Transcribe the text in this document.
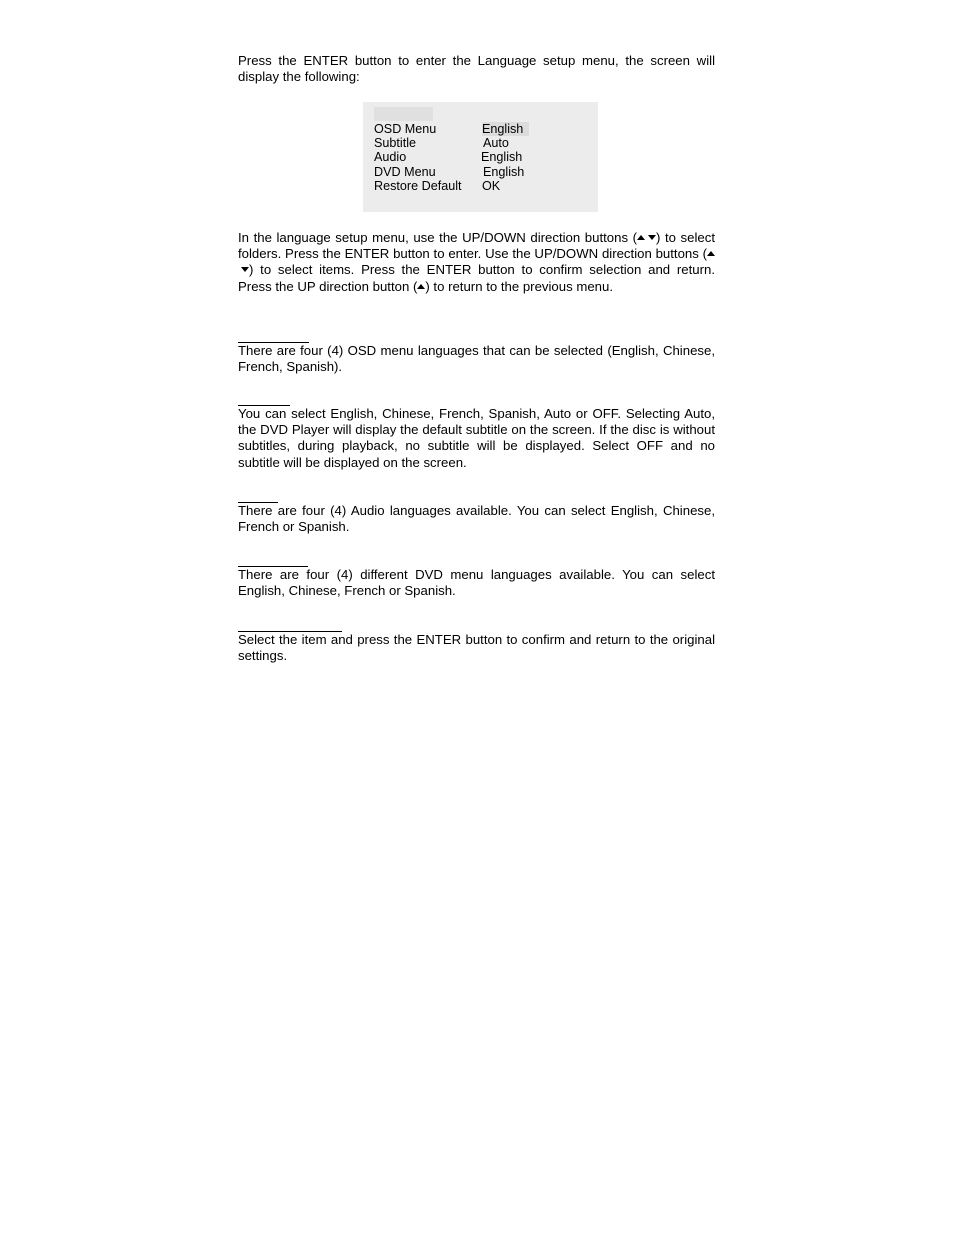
Press the ENTER button to enter the Language setup menu, the screen will display the following:

OSD Menu	English
Subtitle	Auto
Audio	English
DVD Menu	English
Restore Default OK

In the language setup menu, use the UP/DOWN direction buttons ( ) to select folders. Press the ENTER button to enter. Use the UP/DOWN direction buttons () to select items. Press the ENTER button to confirm selection and return. Press the UP direction button ( ) to return to the previous menu.

There are four (4) OSD menu languages that can be selected (English, Chinese, French, Spanish).

You can select English, Chinese, French, Spanish, Auto or OFF. Selecting Auto, the DVD Player will display the default subtitle on the screen. If the disc is without subtitles, during playback, no subtitle will be displayed. Select OFF and no subtitle will be displayed on the screen.

There are four (4) Audio languages available. You can select English, Chinese, French or Spanish.

There are four (4) different DVD menu languages available. You can select English, Chinese, French or Spanish.

Select the item and press the ENTER button to confirm and return to the original settings.
